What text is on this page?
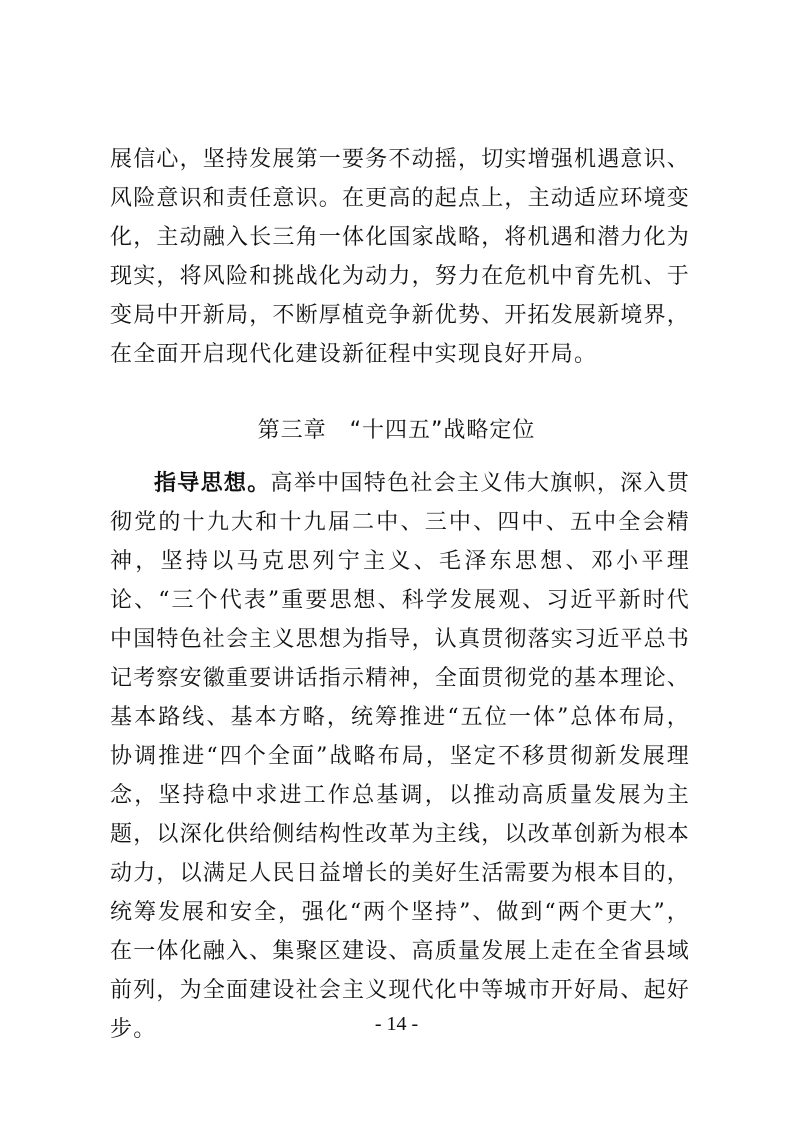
展信心，坚持发展第一要务不动摇，切实增强机遇意识、风险意识和责任意识。在更高的起点上，主动适应环境变化，主动融入长三角一体化国家战略，将机遇和潜力化为现实，将风险和挑战化为动力，努力在危机中育先机、于变局中开新局，不断厚植竞争新优势、开拓发展新境界，在全面开启现代化建设新征程中实现良好开局。

第三章　“十四五”战略定位

指导思想。高举中国特色社会主义伟大旗帜，深入贯彻党的十九大和十九届二中、三中、四中、五中全会精神，坚持以马克思列宁主义、毛泽东思想、邓小平理论、“三个代表”重要思想、科学发展观、习近平新时代中国特色社会主义思想为指导，认真贯彻落实习近平总书记考察安徽重要讲话指示精神，全面贯彻党的基本理论、基本路线、基本方略，统筹推进“五位一体”总体布局，协调推进“四个全面”战略布局，坚定不移贯彻新发展理念，坚持稳中求进工作总基调，以推动高质量发展为主题，以深化供给侧结构性改革为主线，以改革创新为根本动力，以满足人民日益增长的美好生活需要为根本目的，统筹发展和安全，强化“两个坚持”、做到“两个更大”，在一体化融入、集聚区建设、高质量发展上走在全省县域前列，为全面建设社会主义现代化中等城市开好局、起好步。	- 14 -
